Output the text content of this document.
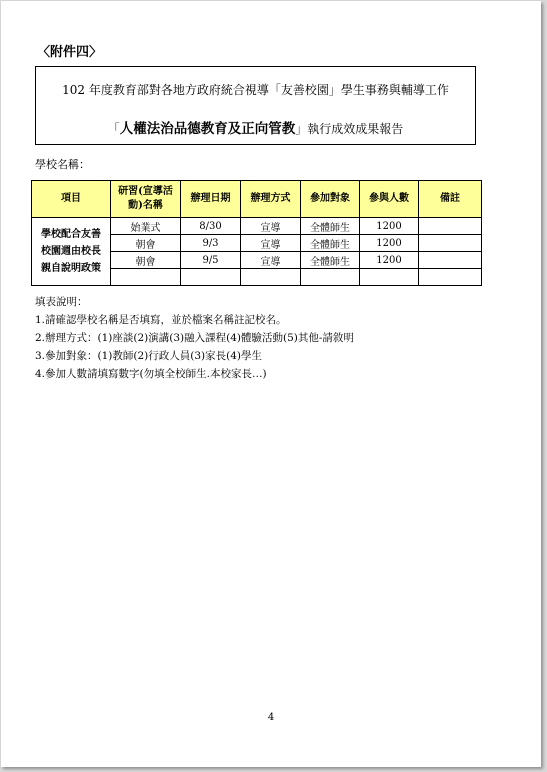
〈附件四〉
102 年度教育部對各地方政府統合視導「友善校園」學生事務與輔導工作
「人權法治品德教育及正向管教」執行成效成果報告
學校名稱：
項目	研習(宣導活動)名稱	辦理日期	辦理方式	參加對象	參與人數	備註

學校配合友善
校園週由校長
親自說明政策	始業式	8/30	宣導	全體師生	1200	
	朝會	9/3	宣導	全體師生	1200	
	朝會	9/5	宣導	全體師生	1200	

填表說明：
1.請確認學校名稱是否填寫，並於檔案名稱註記校名。
2.辦理方式：(1)座談(2)演講(3)融入課程(4)體驗活動(5)其他-請敘明
3.參加對象：(1)教師(2)行政人員(3)家長(4)學生
4.參加人數請填寫數字(勿填全校師生.本校家長…)
4
